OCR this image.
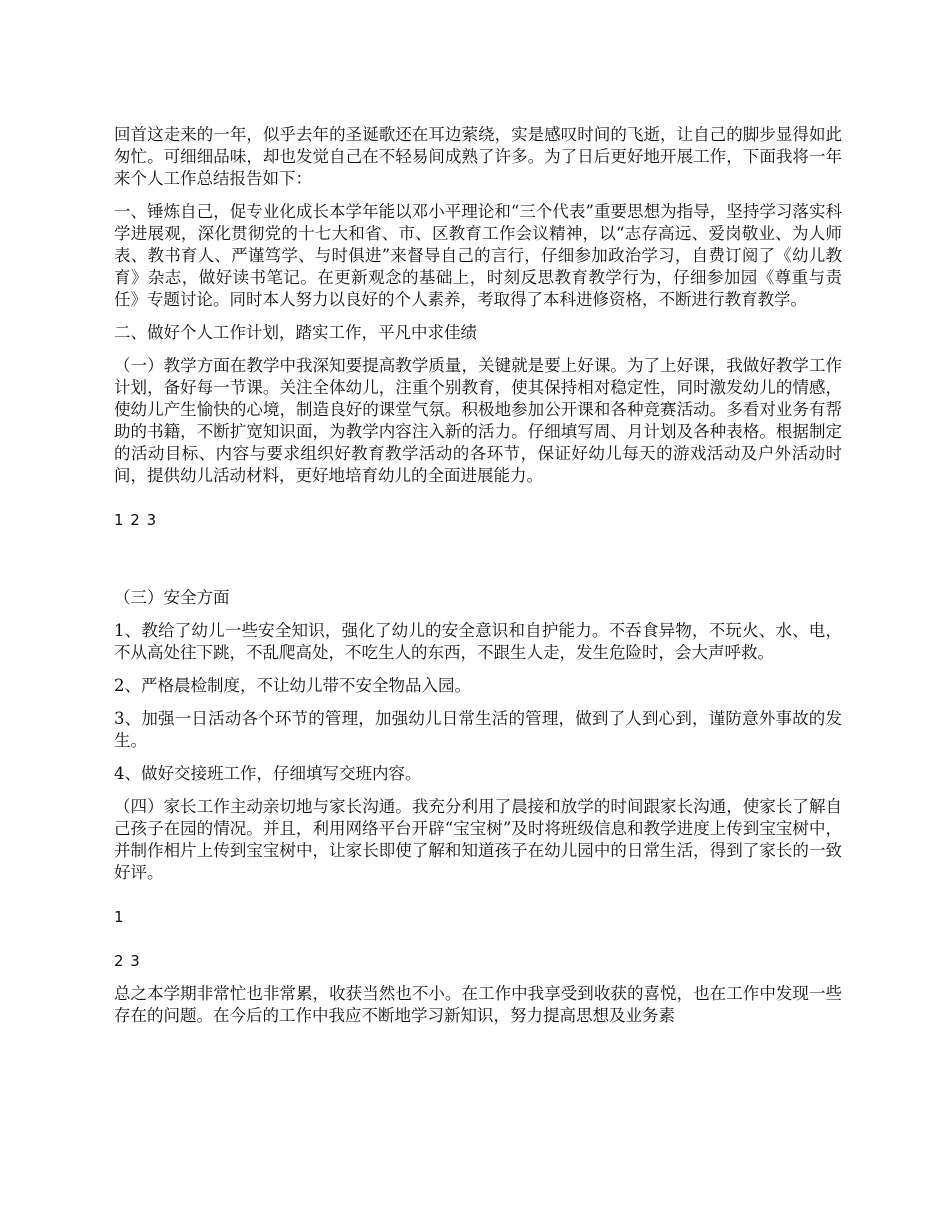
回首这走来的一年，似乎去年的圣诞歌还在耳边萦绕，实是感叹时间的飞逝，让自己的脚步显得如此匆忙。可细细品味，却也发觉自己在不轻易间成熟了许多。为了日后更好地开展工作，下面我将一年来个人工作总结报告如下：

一、锤炼自己，促专业化成长本学年能以邓小平理论和“三个代表”重要思想为指导，坚持学习落实科学进展观，深化贯彻党的十七大和省、市、区教育工作会议精神，以“志存高远、爱岗敬业、为人师表、教书育人、严谨笃学、与时俱进”来督导自己的言行，仔细参加政治学习，自费订阅了《幼儿教育》杂志，做好读书笔记。在更新观念的基础上，时刻反思教育教学行为，仔细参加园《尊重与责任》专题讨论。同时本人努力以良好的个人素养，考取得了本科进修资格，不断进行教育教学。

二、做好个人工作计划，踏实工作，平凡中求佳绩

（一）教学方面在教学中我深知要提高教学质量，关键就是要上好课。为了上好课，我做好教学工作计划，备好每一节课。关注全体幼儿，注重个别教育，使其保持相对稳定性，同时激发幼儿的情感，使幼儿产生愉快的心境，制造良好的课堂气氛。积极地参加公开课和各种竞赛活动。多看对业务有帮助的书籍，不断扩宽知识面，为教学内容注入新的活力。仔细填写周、月计划及各种表格。根据制定的活动目标、内容与要求组织好教育教学活动的各环节，保证好幼儿每天的游戏活动及户外活动时间，提供幼儿活动材料，更好地培育幼儿的全面进展能力。

1 2 3

（三）安全方面

1、教给了幼儿一些安全知识，强化了幼儿的安全意识和自护能力。不吞食异物，不玩火、水、电，不从高处往下跳，不乱爬高处，不吃生人的东西，不跟生人走，发生危险时，会大声呼救。

2、严格晨检制度，不让幼儿带不安全物品入园。

3、加强一日活动各个环节的管理，加强幼儿日常生活的管理，做到了人到心到，谨防意外事故的发生。

4、做好交接班工作，仔细填写交班内容。

（四）家长工作主动亲切地与家长沟通。我充分利用了晨接和放学的时间跟家长沟通，使家长了解自己孩子在园的情况。并且，利用网络平台开辟“宝宝树”及时将班级信息和教学进度上传到宝宝树中，并制作相片上传到宝宝树中，让家长即使了解和知道孩子在幼儿园中的日常生活，得到了家长的一致好评。

1

2 3

总之本学期非常忙也非常累，收获当然也不小。在工作中我享受到收获的喜悦，也在工作中发现一些存在的问题。在今后的工作中我应不断地学习新知识，努力提高思想及业务素
